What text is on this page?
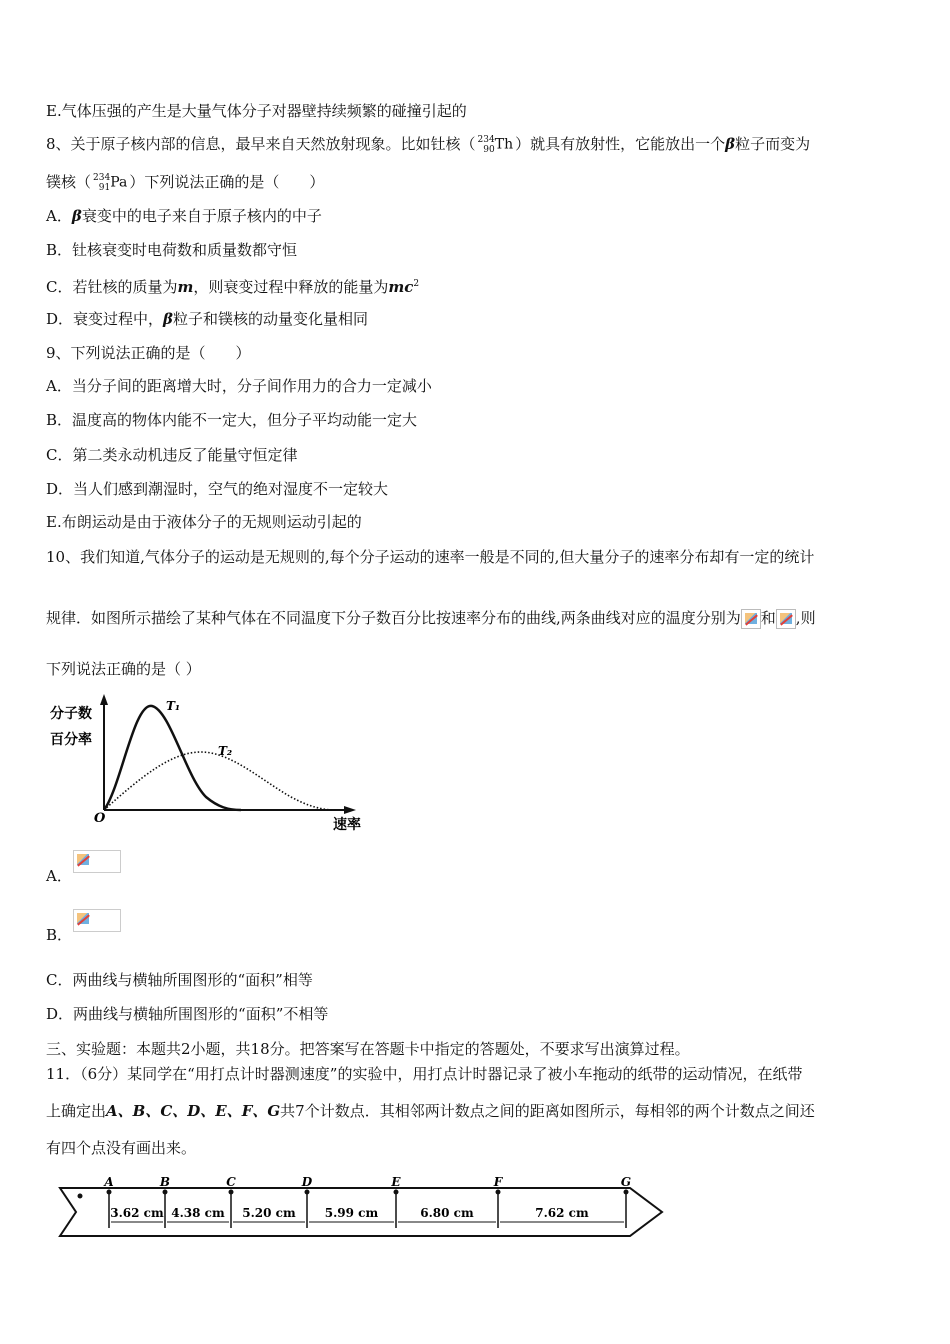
E.气体压强的产生是大量气体分子对器壁持续频繁的碰撞引起的
8、关于原子核内部的信息，最早来自天然放射现象。比如钍核（ 234
90Th ）就具有放射性，它能放出一个β粒子而变为
镤核（ 234
91Pa ）下列说法正确的是（　　）
A．β衰变中的电子来自于原子核内的中子
B．钍核衰变时电荷数和质量数都守恒
C．若钍核的质量为m，则衰变过程中释放的能量为$mc^2$
D．衰变过程中，β粒子和镤核的动量变化量相同
9、下列说法正确的是（　　）
A．当分子间的距离增大时，分子间作用力的合力一定减小
B．温度高的物体内能不一定大，但分子平均动能一定大
C．第二类永动机违反了能量守恒定律
D．当人们感到潮湿时，空气的绝对湿度不一定较大
E.布朗运动是由于液体分子的无规则运动引起的
10、我们知道,气体分子的运动是无规则的,每个分子运动的速率一般是不同的,但大量分子的速率分布却有一定的统计
规律．如图所示描绘了某种气体在不同温度下分子数百分比按速率分布的曲线,两条曲线对应的温度分别为 和 ,则
下列说法正确的是（ ）
分子数
百分率
O	速率
T₁
T₂
A．
B．
C．两曲线与横轴所围图形的“面积”相等
D．两曲线与横轴所围图形的“面积”不相等
三、实验题：本题共2小题，共18分。把答案写在答题卡中指定的答题处，不要求写出演算过程。
11．（6分）某同学在“用打点计时器测速度”的实验中，用打点计时器记录了被小车拖动的纸带的运动情况，在纸带
上确定出A、B、C、D、E、F、G共7个计数点．其相邻两计数点之间的距离如图所示，每相邻的两个计数点之间还
有四个点没有画出来。
A	B	C	D	E	F	G
3.62 cm 4.38 cm 5.20 cm 5.99 cm	6.80 cm	7.62 cm
